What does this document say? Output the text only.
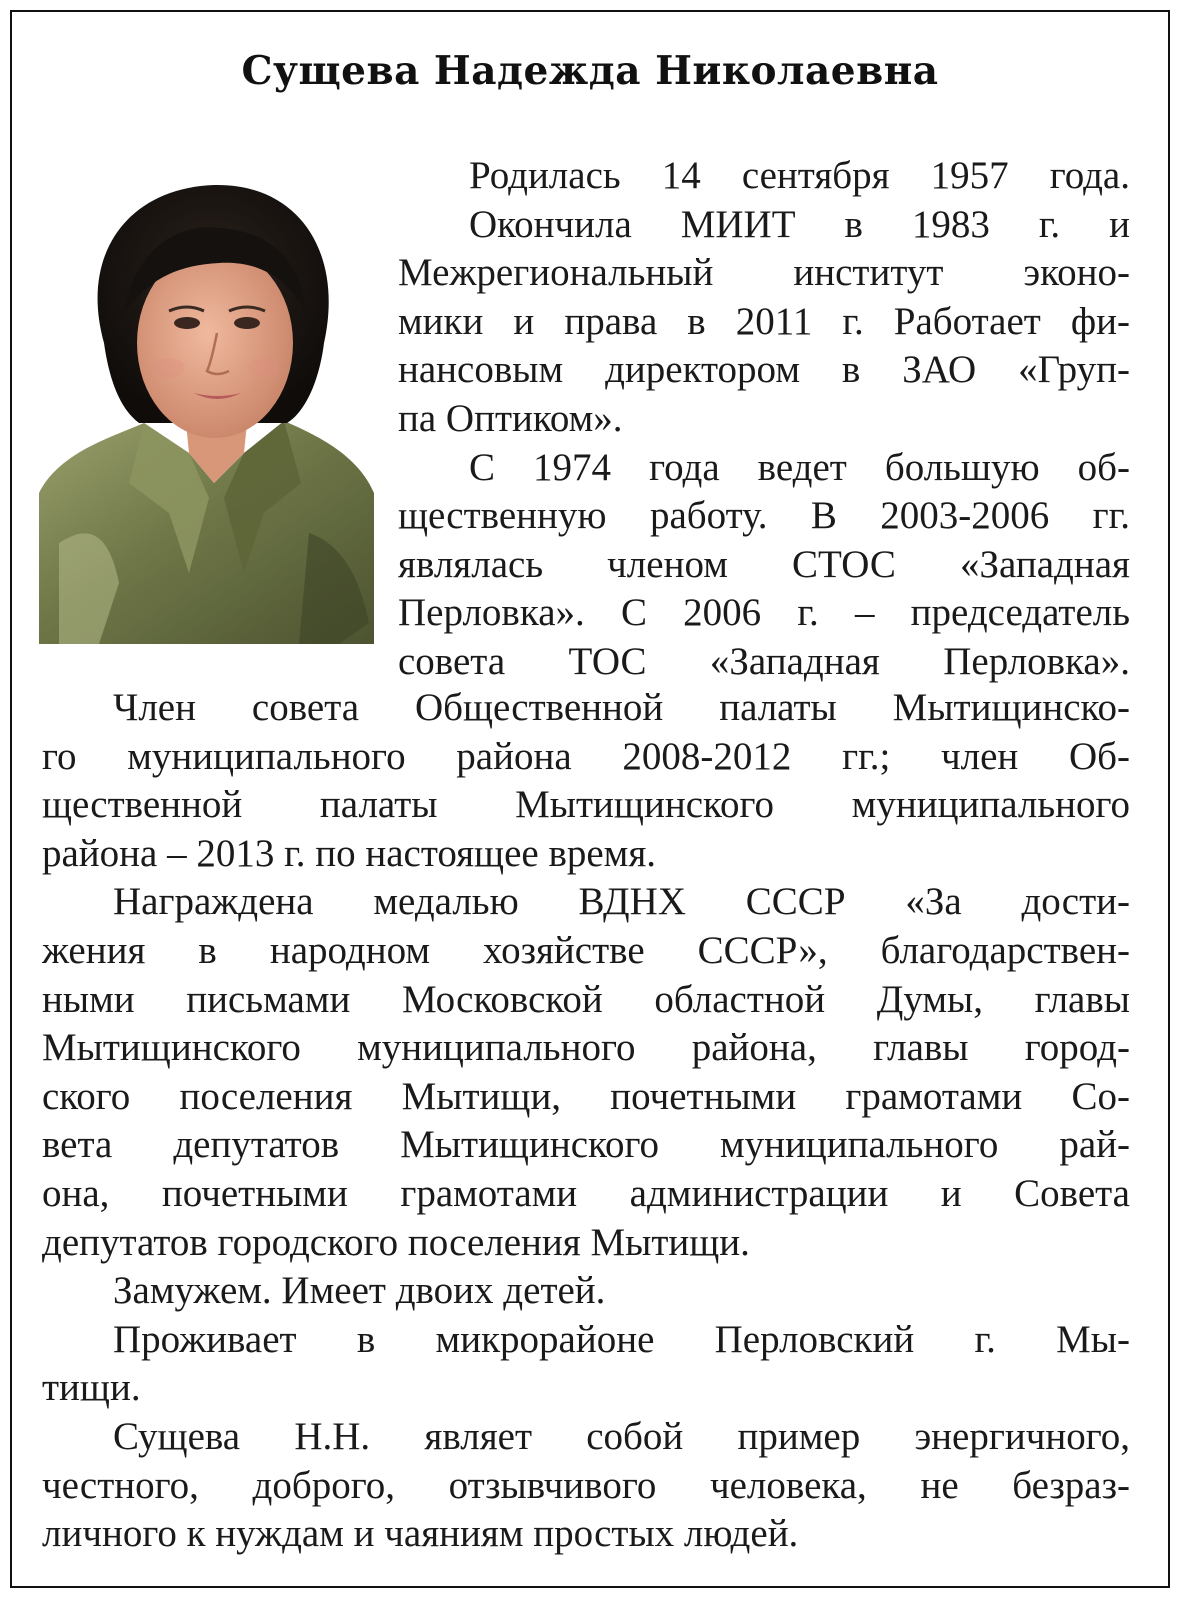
Сущева Надежда Николаевна
Родилась 14 сентября 1957 года.
Окончила МИИТ в 1983 г. и
Межрегиональный институт эконо-
мики и права в 2011 г. Работает фи-
нансовым директором в ЗАО «Груп-
па Оптиком».
С 1974 года ведет большую об-
щественную работу. В 2003-2006 гг.
являлась членом СТОС «Западная
Перловка». С 2006 г. – председатель
совета ТОС «Западная Перловка».
Член совета Общественной палаты Мытищинско-
го муниципального района 2008-2012 гг.; член Об-
щественной палаты Мытищинского муниципального
района – 2013 г. по настоящее время.
Награждена медалью ВДНХ СССР «За дости-
жения в народном хозяйстве СССР», благодарствен-
ными письмами Московской областной Думы, главы
Мытищинского муниципального района, главы город-
ского поселения Мытищи, почетными грамотами Со-
вета депутатов Мытищинского муниципального рай-
она, почетными грамотами администрации и Совета
депутатов городского поселения Мытищи.
Замужем. Имеет двоих детей.
Проживает в микрорайоне Перловский г. Мы-
тищи.
Сущева Н.Н. являет собой пример энергичного,
честного, доброго, отзывчивого человека, не безраз-
личного к нуждам и чаяниям простых людей.
